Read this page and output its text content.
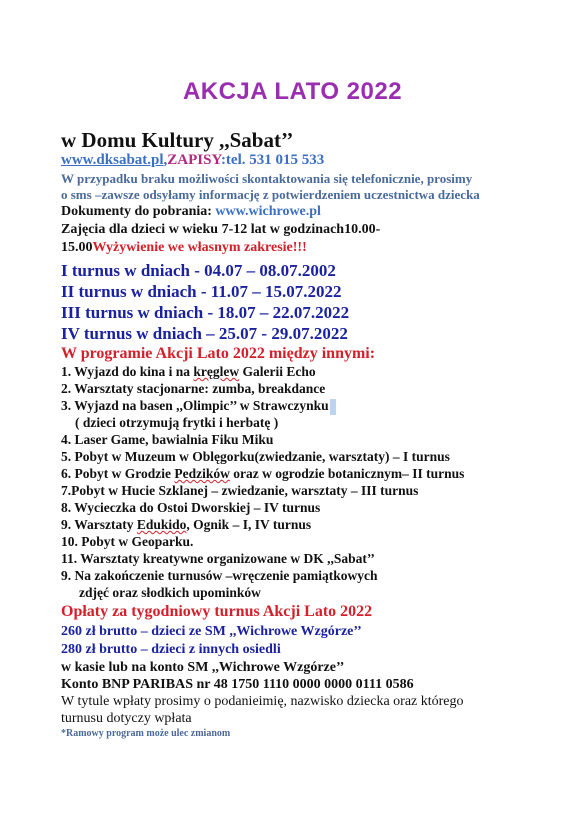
AKCJA LATO 2022
w Domu Kultury ,,Sabat’’
www.dksabat.pl,ZAPISY:tel. 531 015 533
W przypadku braku możliwości skontaktowania się telefonicznie, prosimy
o sms –zawsze odsyłamy informację z potwierdzeniem uczestnictwa dziecka
Dokumenty do pobrania: www.wichrowe.pl
Zajęcia dla dzieci w wieku 7-12 lat w godzinach10.00-
15.00Wyżywienie we własnym zakresie!!!
I turnus w dniach - 04.07 – 08.07.2002
II turnus w dniach - 11.07 – 15.07.2022
III turnus w dniach - 18.07 – 22.07.2022
IV turnus w dniach – 25.07 - 29.07.2022
W programie Akcji Lato 2022 między innymi:
1. Wyjazd do kina i na kręglew Galerii Echo
2. Warsztaty stacjonarne: zumba, breakdance
3. Wyjazd na basen ,,Olimpic’’ w Strawczynku
( dzieci otrzymują frytki i herbatę )
4. Laser Game, bawialnia Fiku Miku
5. Pobyt w Muzeum w Oblęgorku(zwiedzanie, warsztaty) – I turnus
6. Pobyt w Grodzie Pedzików oraz w ogrodzie botanicznym– II turnus
7.Pobyt w Hucie Szklanej – zwiedzanie, warsztaty – III turnus
8. Wycieczka do Ostoi Dworskiej – IV turnus
9. Warsztaty Edukido, Ognik – I, IV turnus
10. Pobyt w Geoparku.
11. Warsztaty kreatywne organizowane w DK ,,Sabat’’
9. Na zakończenie turnusów –wręczenie pamiątkowych
zdjęć oraz słodkich upominków
Opłaty za tygodniowy turnus Akcji Lato 2022
260 zł brutto – dzieci ze SM ,,Wichrowe Wzgórze’’
280 zł brutto – dzieci z innych osiedli
w kasie lub na konto SM ,,Wichrowe Wzgórze’’
Konto BNP PARIBAS nr 48 1750 1110 0000 0000 0111 0586
W tytule wpłaty prosimy o podanieimię, nazwisko dziecka oraz którego
turnusu dotyczy wpłata
*Ramowy program może ulec zmianom
